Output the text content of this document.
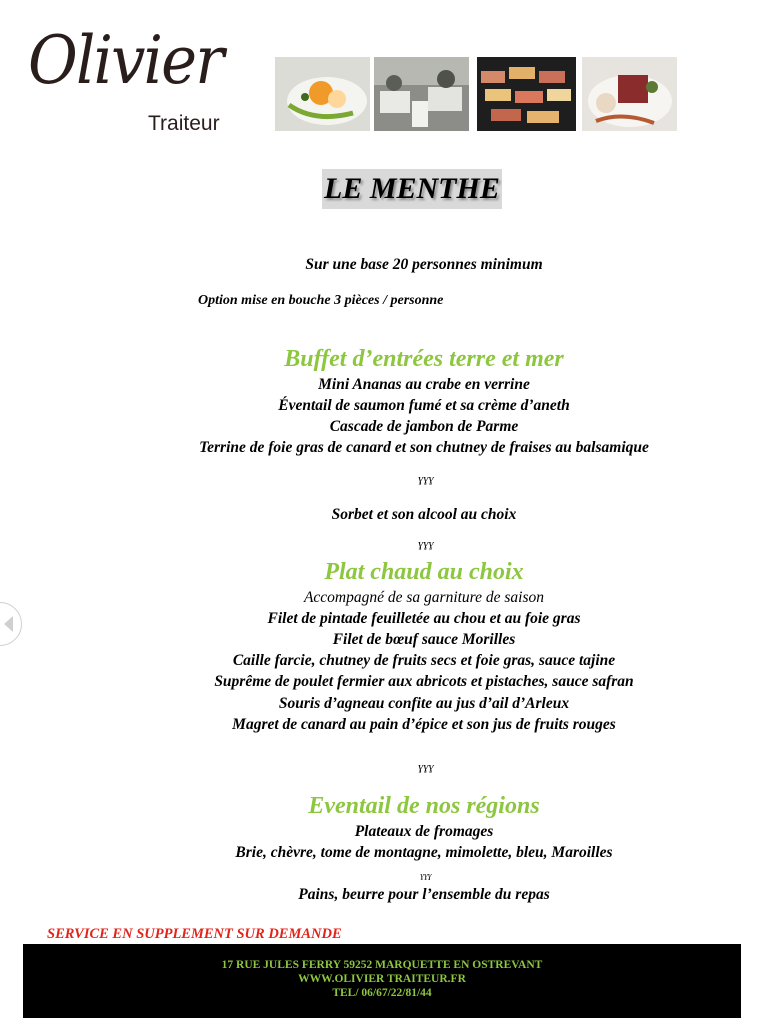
Olivier
Traiteur
LE MENTHE
Sur une base 20 personnes minimum
Option mise en bouche 3 pièces / personne
Buffet d’entrées terre et mer
Mini Ananas au crabe en verrine
Éventail de saumon fumé et sa crème d’aneth
Cascade de jambon de Parme
Terrine de foie gras de canard et son chutney de fraises au balsamique
ɣɣɣ
Sorbet et son alcool au choix
ɣɣɣ
Plat chaud au choix
Accompagné de sa garniture de saison
Filet de pintade feuilletée au chou et au foie gras
Filet de bœuf sauce Morilles
Caille farcie, chutney de fruits secs et foie gras, sauce tajine
Suprême de poulet fermier aux abricots et pistaches, sauce safran
Souris d’agneau confite au jus d’ail d’Arleux
Magret de canard au pain d’épice et son jus de fruits rouges
ɣɣɣ
Eventail de nos régions
Plateaux de fromages
Brie, chèvre, tome de montagne, mimolette, bleu, Maroilles
ɣɣɣ
Pains, beurre pour l’ensemble du repas
SERVICE EN SUPPLEMENT SUR DEMANDE
17 RUE JULES FERRY 59252 MARQUETTE EN OSTREVANT
WWW.OLIVIER TRAITEUR.FR
TEL/ 06/67/22/81/44
